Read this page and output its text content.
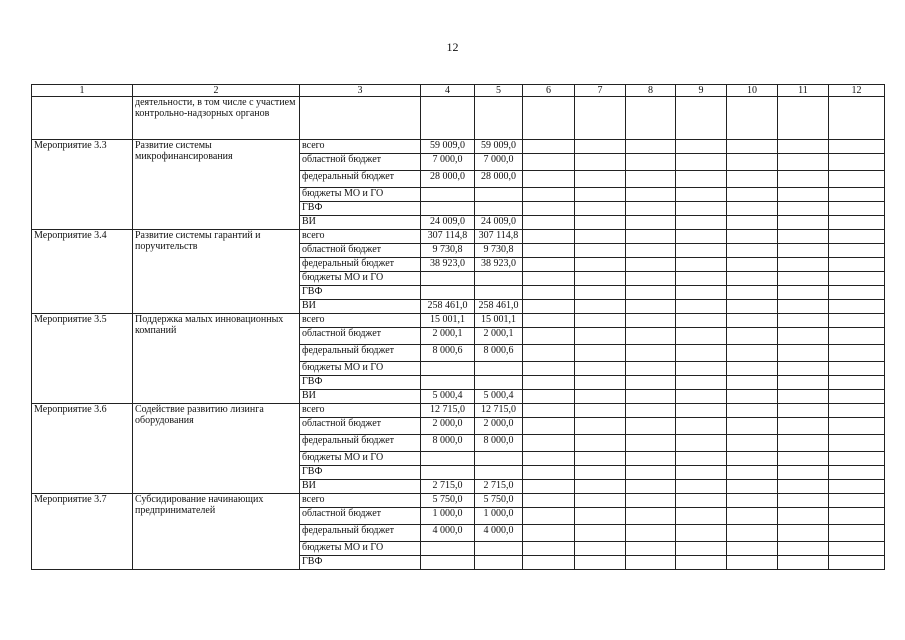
12
1	2	3	4	5	6	7	8	9	10	11	12
	деятельности, в том числе с участием контрольно-надзорных органов										
Мероприятие 3.3	Развитие системы микрофинансирования	всего	59 009,0	59 009,0							

		областной бюджет	7 000,0	7 000,0							

		федеральный бюджет	28 000,0	28 000,0							

		бюджеты МО и ГО	

		ГВФ	

		ВИ	24 009,0	24 009,0							

Мероприятие 3.4	Развитие системы гарантий и поручительств	всего	307 114,8	307 114,8							

		областной бюджет	9 730,8	9 730,8							

		федеральный бюджет	38 923,0	38 923,0							

		бюджеты МО и ГО	

		ГВФ	

		ВИ	258 461,0	258 461,0							

Мероприятие 3.5	Поддержка малых инновационных компаний	всего	15 001,1	15 001,1							

		областной бюджет	2 000,1	2 000,1							

		федеральный бюджет	8 000,6	8 000,6							

		бюджеты МО и ГО	

		ГВФ	

		ВИ	5 000,4	5 000,4							

Мероприятие 3.6	Содействие развитию лизинга оборудования	всего	12 715,0	12 715,0							

		областной бюджет	2 000,0	2 000,0							

		федеральный бюджет	8 000,0	8 000,0							

		бюджеты МО и ГО	

		ГВФ	

		ВИ	2 715,0	2 715,0							

Мероприятие 3.7	Субсидирование начинающих предпринимателей	всего	5 750,0	5 750,0							

		областной бюджет	1 000,0	1 000,0							

		федеральный бюджет	4 000,0	4 000,0							

		бюджеты МО и ГО	

		ГВФ	
